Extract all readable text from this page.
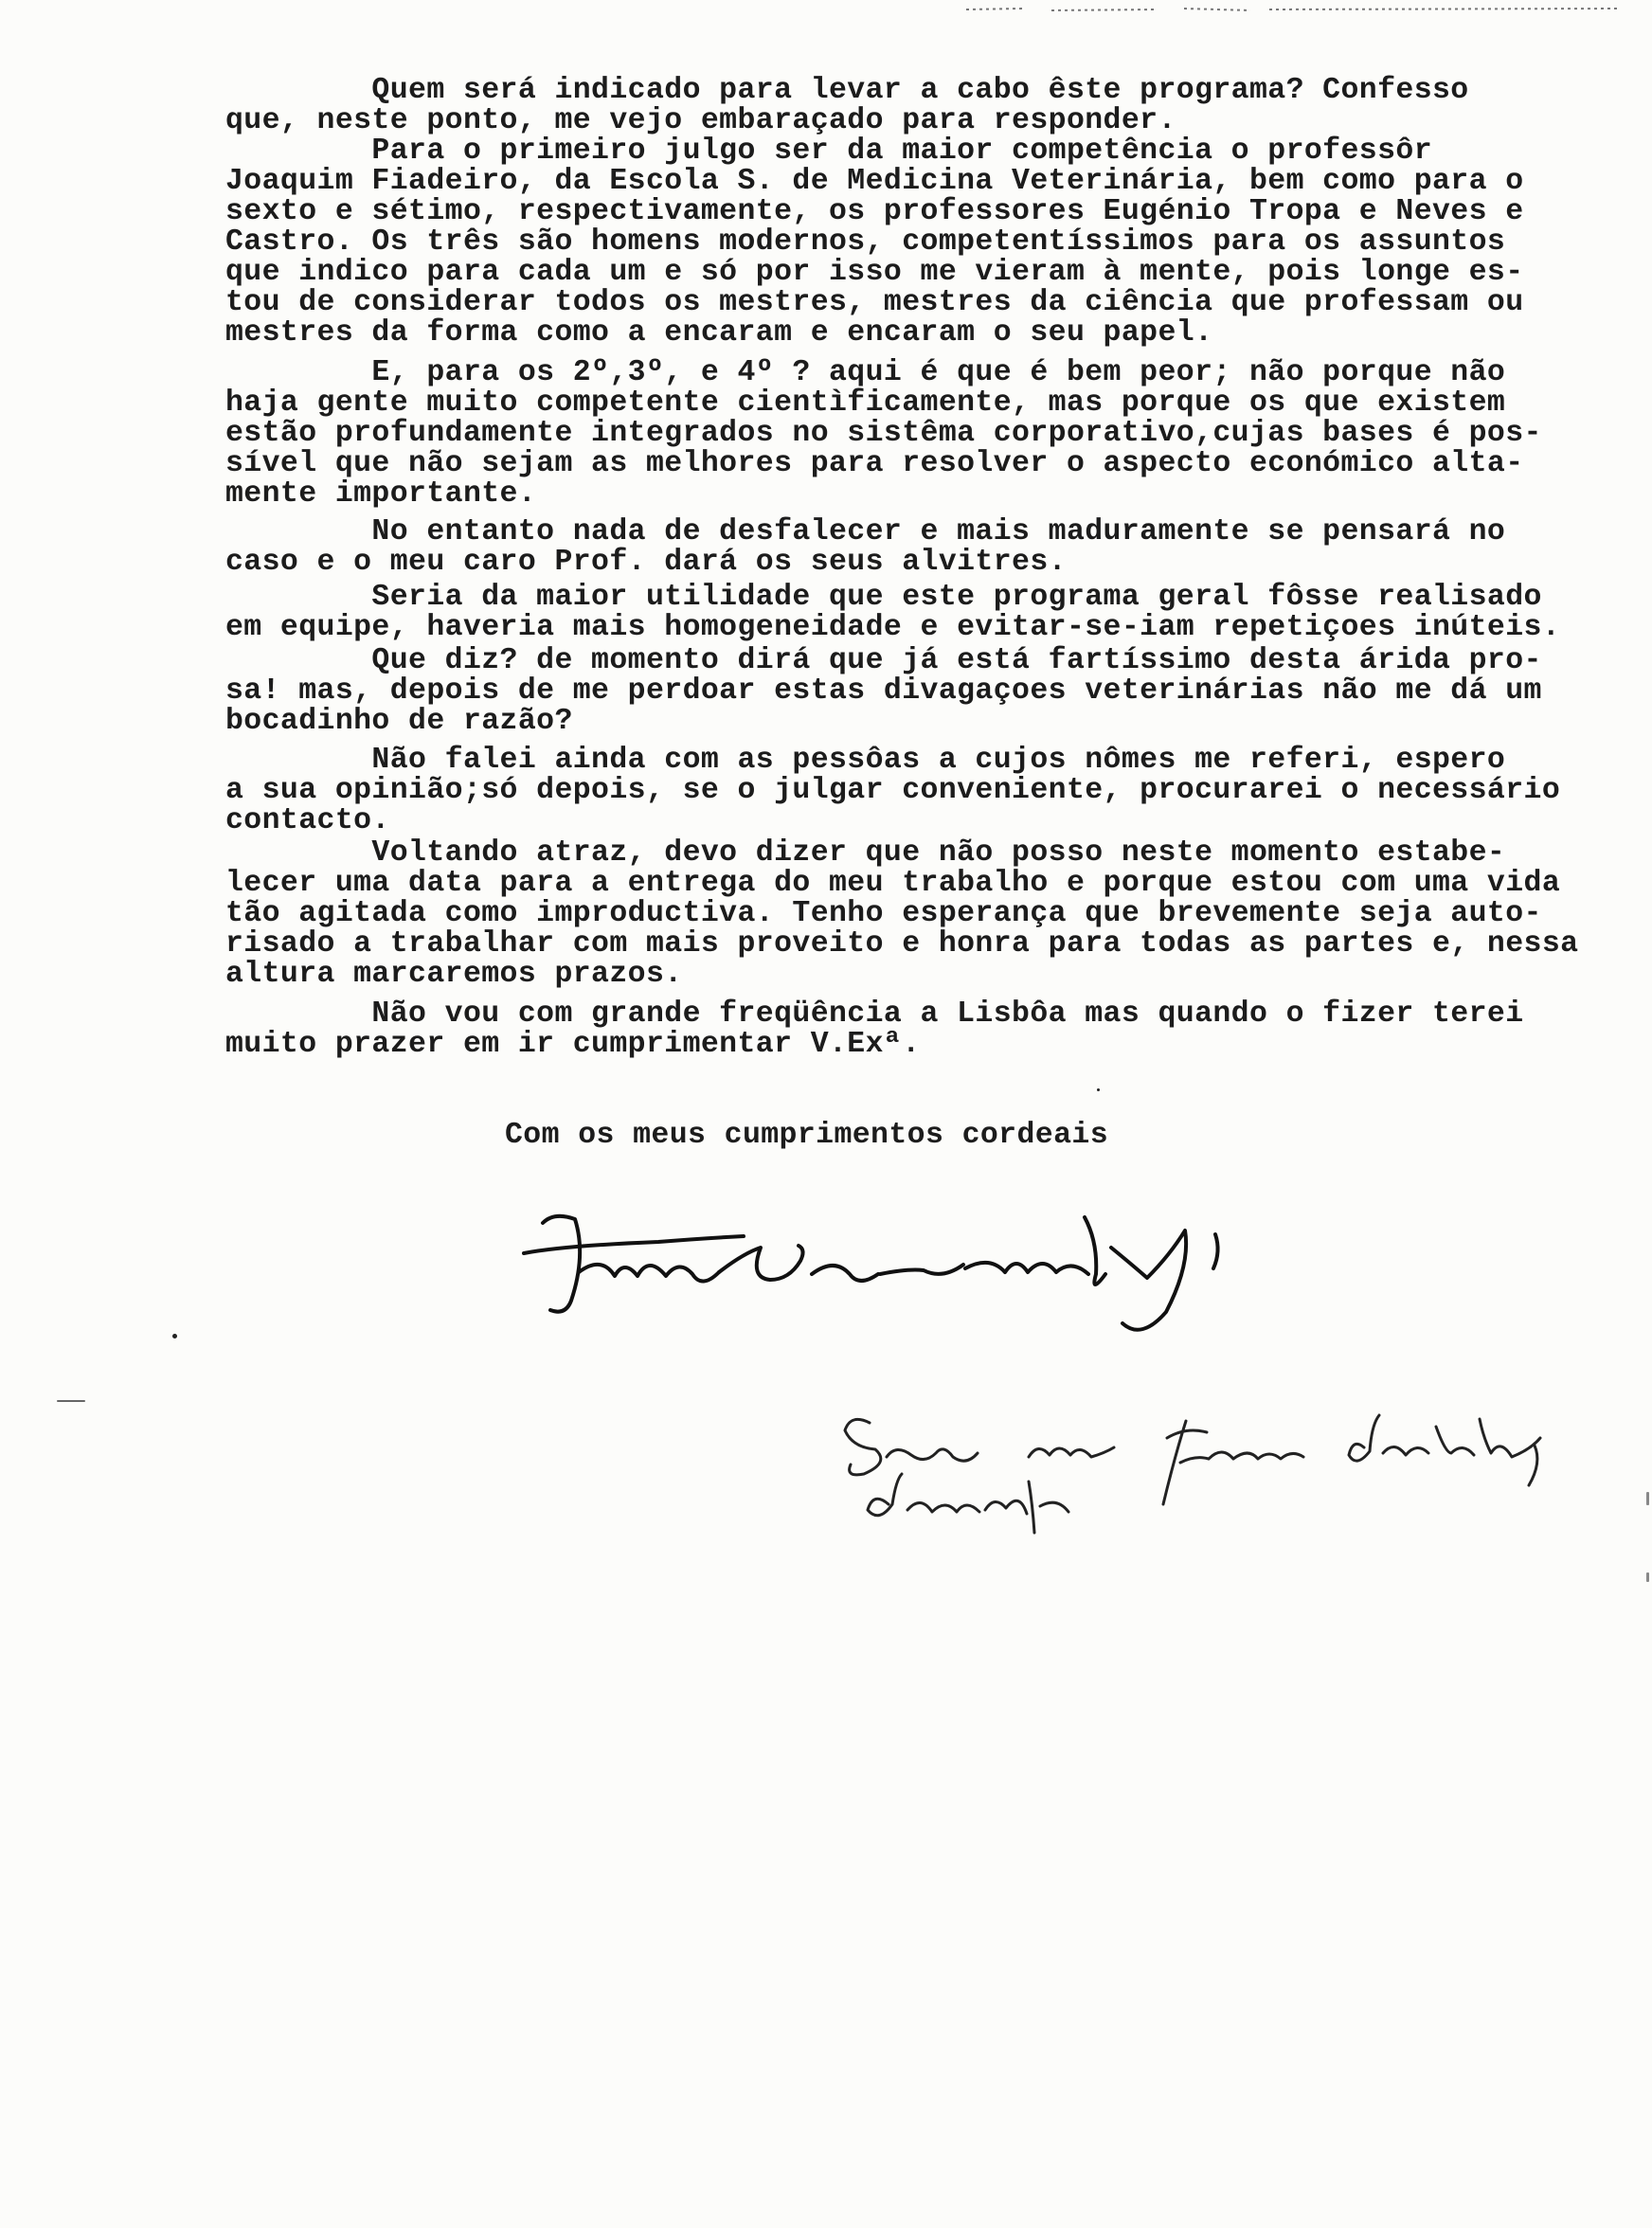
Quem será indicado para levar a cabo êste programa? Confesso
que, neste ponto, me vejo embaraçado para responder.
Para o primeiro julgo ser da maior competência o professôr
Joaquim Fiadeiro, da Escola S. de Medicina Veterinária, bem como para o
sexto e sétimo, respectivamente, os professores Eugénio Tropa e Neves e
Castro. Os três são homens modernos, competentíssimos para os assuntos
que indico para cada um e só por isso me vieram à mente, pois longe es-
tou de considerar todos os mestres, mestres da ciência que professam ou
mestres da forma como a encaram e encaram o seu papel.
E, para os 2º,3º, e 4º ? aqui é que é bem peor; não porque não
haja gente muito competente cientìficamente, mas porque os que existem
estão profundamente integrados no sistêma corporativo,cujas bases é pos-
sível que não sejam as melhores para resolver o aspecto económico alta-
mente importante.
No entanto nada de desfalecer e mais maduramente se pensará no
caso e o meu caro Prof. dará os seus alvitres.
Seria da maior utilidade que este programa geral fôsse realisado
em equipe, haveria mais homogeneidade e evitar-se-iam repetiçoes inúteis.
Que diz? de momento dirá que já está fartíssimo desta árida pro-
sa! mas, depois de me perdoar estas divagaçoes veterinárias não me dá um
bocadinho de razão?
Não falei ainda com as pessôas a cujos nômes me referi, espero
a sua opinião;só depois, se o julgar conveniente, procurarei o necessário
contacto.
Voltando atraz, devo dizer que não posso neste momento estabe-
lecer uma data para a entrega do meu trabalho e porque estou com uma vida
tão agitada como improductiva. Tenho esperança que brevemente seja auto-
risado a trabalhar com mais proveito e honra para todas as partes e, nessa
altura marcaremos prazos.
Não vou com grande freqüência a Lisbôa mas quando o fizer terei
muito prazer em ir cumprimentar V.Exª.
Com os meus cumprimentos cordeais
